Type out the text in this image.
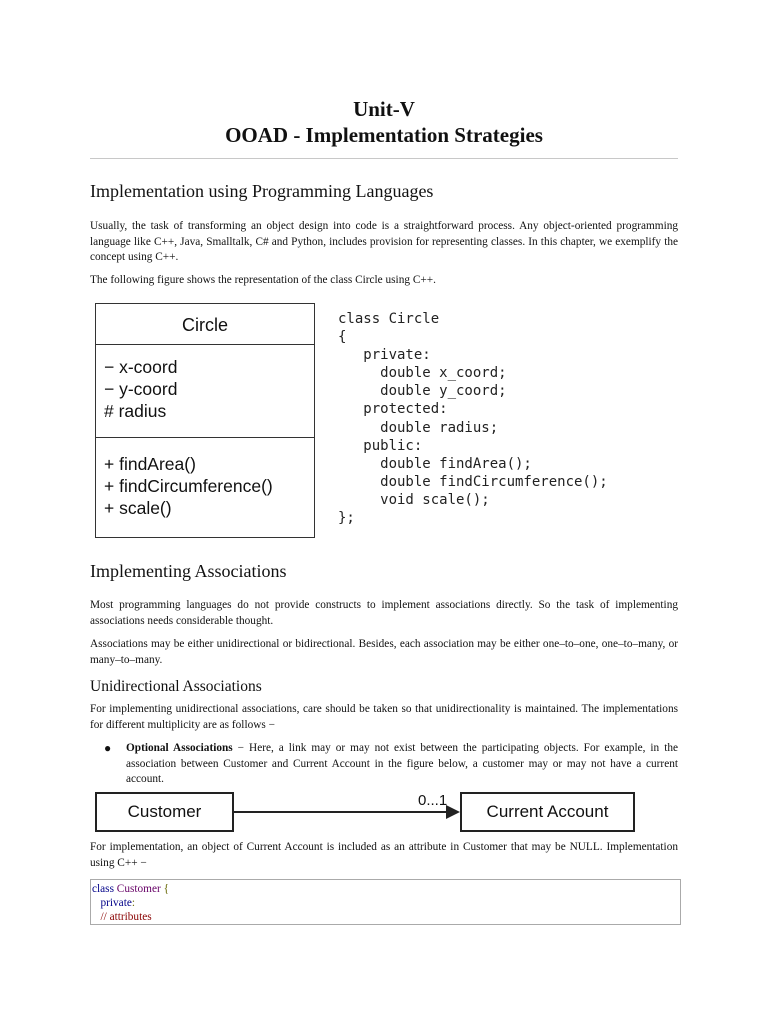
Unit-V
OOAD - Implementation Strategies
Implementation using Programming Languages

Usually, the task of transforming an object design into code is a straightforward process. Any object-oriented programming language like C++, Java, Smalltalk, C# and Python, includes provision for representing classes. In this chapter, we exemplify the concept using C++.

The following figure shows the representation of the class Circle using C++.

Circle
− x-coord
− y-coord
# radius
+ findArea()
+ findCircumference()
+ scale()
class Circle
{
private:
double x_coord;
double y_coord;
protected:
double radius;
public:
double findArea();
double findCircumference();
void scale();
};
Implementing Associations

Most programming languages do not provide constructs to implement associations directly. So the task of implementing associations needs considerable thought.

Associations may be either unidirectional or bidirectional. Besides, each association may be either one–to–one, one–to–many, or many–to–many.

Unidirectional Associations

For implementing unidirectional associations, care should be taken so that unidirectionality is maintained. The implementations for different multiplicity are as follows −

● Optional Associations − Here, a link may or may not exist between the participating objects. For example, in the association between Customer and Current Account in the figure below, a customer may or may not have a current account.

Customer
0...1
Current Account

For implementation, an object of Current Account is included as an attribute in Customer that may be NULL. Implementation using C++ −

class Customer {
private:
// attributes
